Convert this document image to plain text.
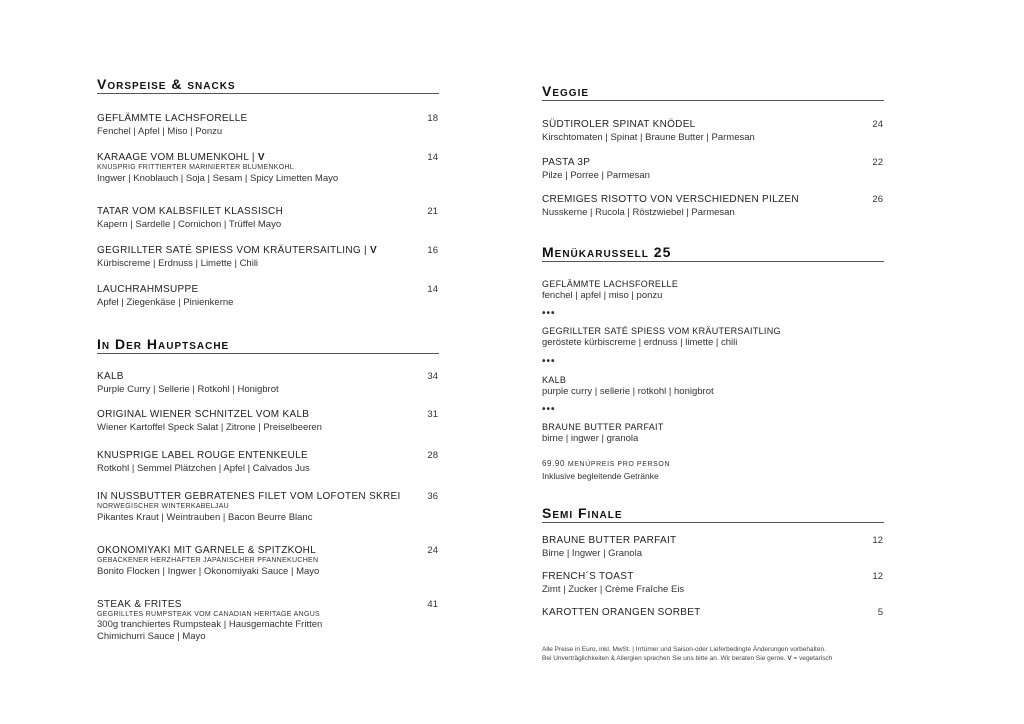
Vorspeise & snacks
GEFLÄMMTE LACHSFORELLE	18
Fenchel | Apfel | Miso | Ponzu
KARAAGE VOM BLUMENKOHL | V	14
KNUSPRIG FRITTIERTER MARINIERTER BLUMENKOHL
Ingwer | Knoblauch | Soja | Sesam | Spicy Limetten Mayo
TATAR VOM KALBSFILET KLASSISCH	21
Kapern | Sardelle | Cornichon | Trüffel Mayo
GEGRILLTER SATÉ SPIESS VOM KRÄUTERSAITLING | V	16
Kürbiscreme | Erdnuss | Limette | Chili
LAUCHRAHMSUPPE	14
Apfel | Ziegenkäse | Pinienkerne
In Der Hauptsache
KALB	34
Purple Curry | Sellerie | Rotkohl | Honigbrot
ORIGINAL WIENER SCHNITZEL VOM KALB	31
Wiener Kartoffel Speck Salat | Zitrone | Preiselbeeren
KNUSPRIGE LABEL ROUGE ENTENKEULE	28
Rotkohl | Semmel Plätzchen | Apfel | Calvados Jus
IN NUSSBUTTER GEBRATENES FILET VOM LOFOTEN SKREI	36
NORWEGISCHER WINTERKABELJAU
Pikantes Kraut | Weintrauben | Bacon Beurre Blanc
OKONOMIYAKI MIT GARNELE & SPITZKOHL	24
GEBACKENER HERZHAFTER JAPANISCHER PFANNEKUCHEN
Bonito Flocken | Ingwer | Okonomiyaki Sauce | Mayo
STEAK & FRITES	41
GEGRILLTES RUMPSTEAK VOM CANADIAN HERITAGE ANGUS
300g tranchiertes Rumpsteak | Hausgemachte Fritten
Chimichurri Sauce | Mayo
Veggie
SÜDTIROLER SPINAT KNÖDEL	24
Kirschtomaten | Spinat | Braune Butter | Parmesan
PASTA 3P	22
Pilze | Porree | Parmesan
CREMIGES RISOTTO VON VERSCHIEDNEN PILZEN	26
Nusskerne | Rucola | Röstzwiebel | Parmesan
Menükarussell 25
GEFLÄMMTE LACHSFORELLE
fenchel | apfel | miso | ponzu
•••
GEGRILLTER SATÉ SPIESS VOM KRÄUTERSAITLING
geröstete kürbiscreme | erdnuss | limette | chili
•••
KALB
purple curry | sellerie | rotkohl | honigbrot
•••
BRAUNE BUTTER PARFAIT
birne | ingwer | granola
69.90 MENÜPREIS PRO PERSON
Inklusive begleitende Getränke
Semi Finale
BRAUNE BUTTER PARFAIT	12
Birne | Ingwer | Granola
FRENCH´S TOAST	12
Zimt | Zucker | Crème Fraîche Eis
KAROTTEN ORANGEN SORBET	5
Alle Preise in Euro, inkl. MwSt. | Irrtümer und Saison-oder Lieferbedingte Änderungen vorbehalten.
Bei Unverträglichkeiten & Allergien sprechen Sie uns bitte an. Wir beraten Sie gerne. V = vegetarisch
